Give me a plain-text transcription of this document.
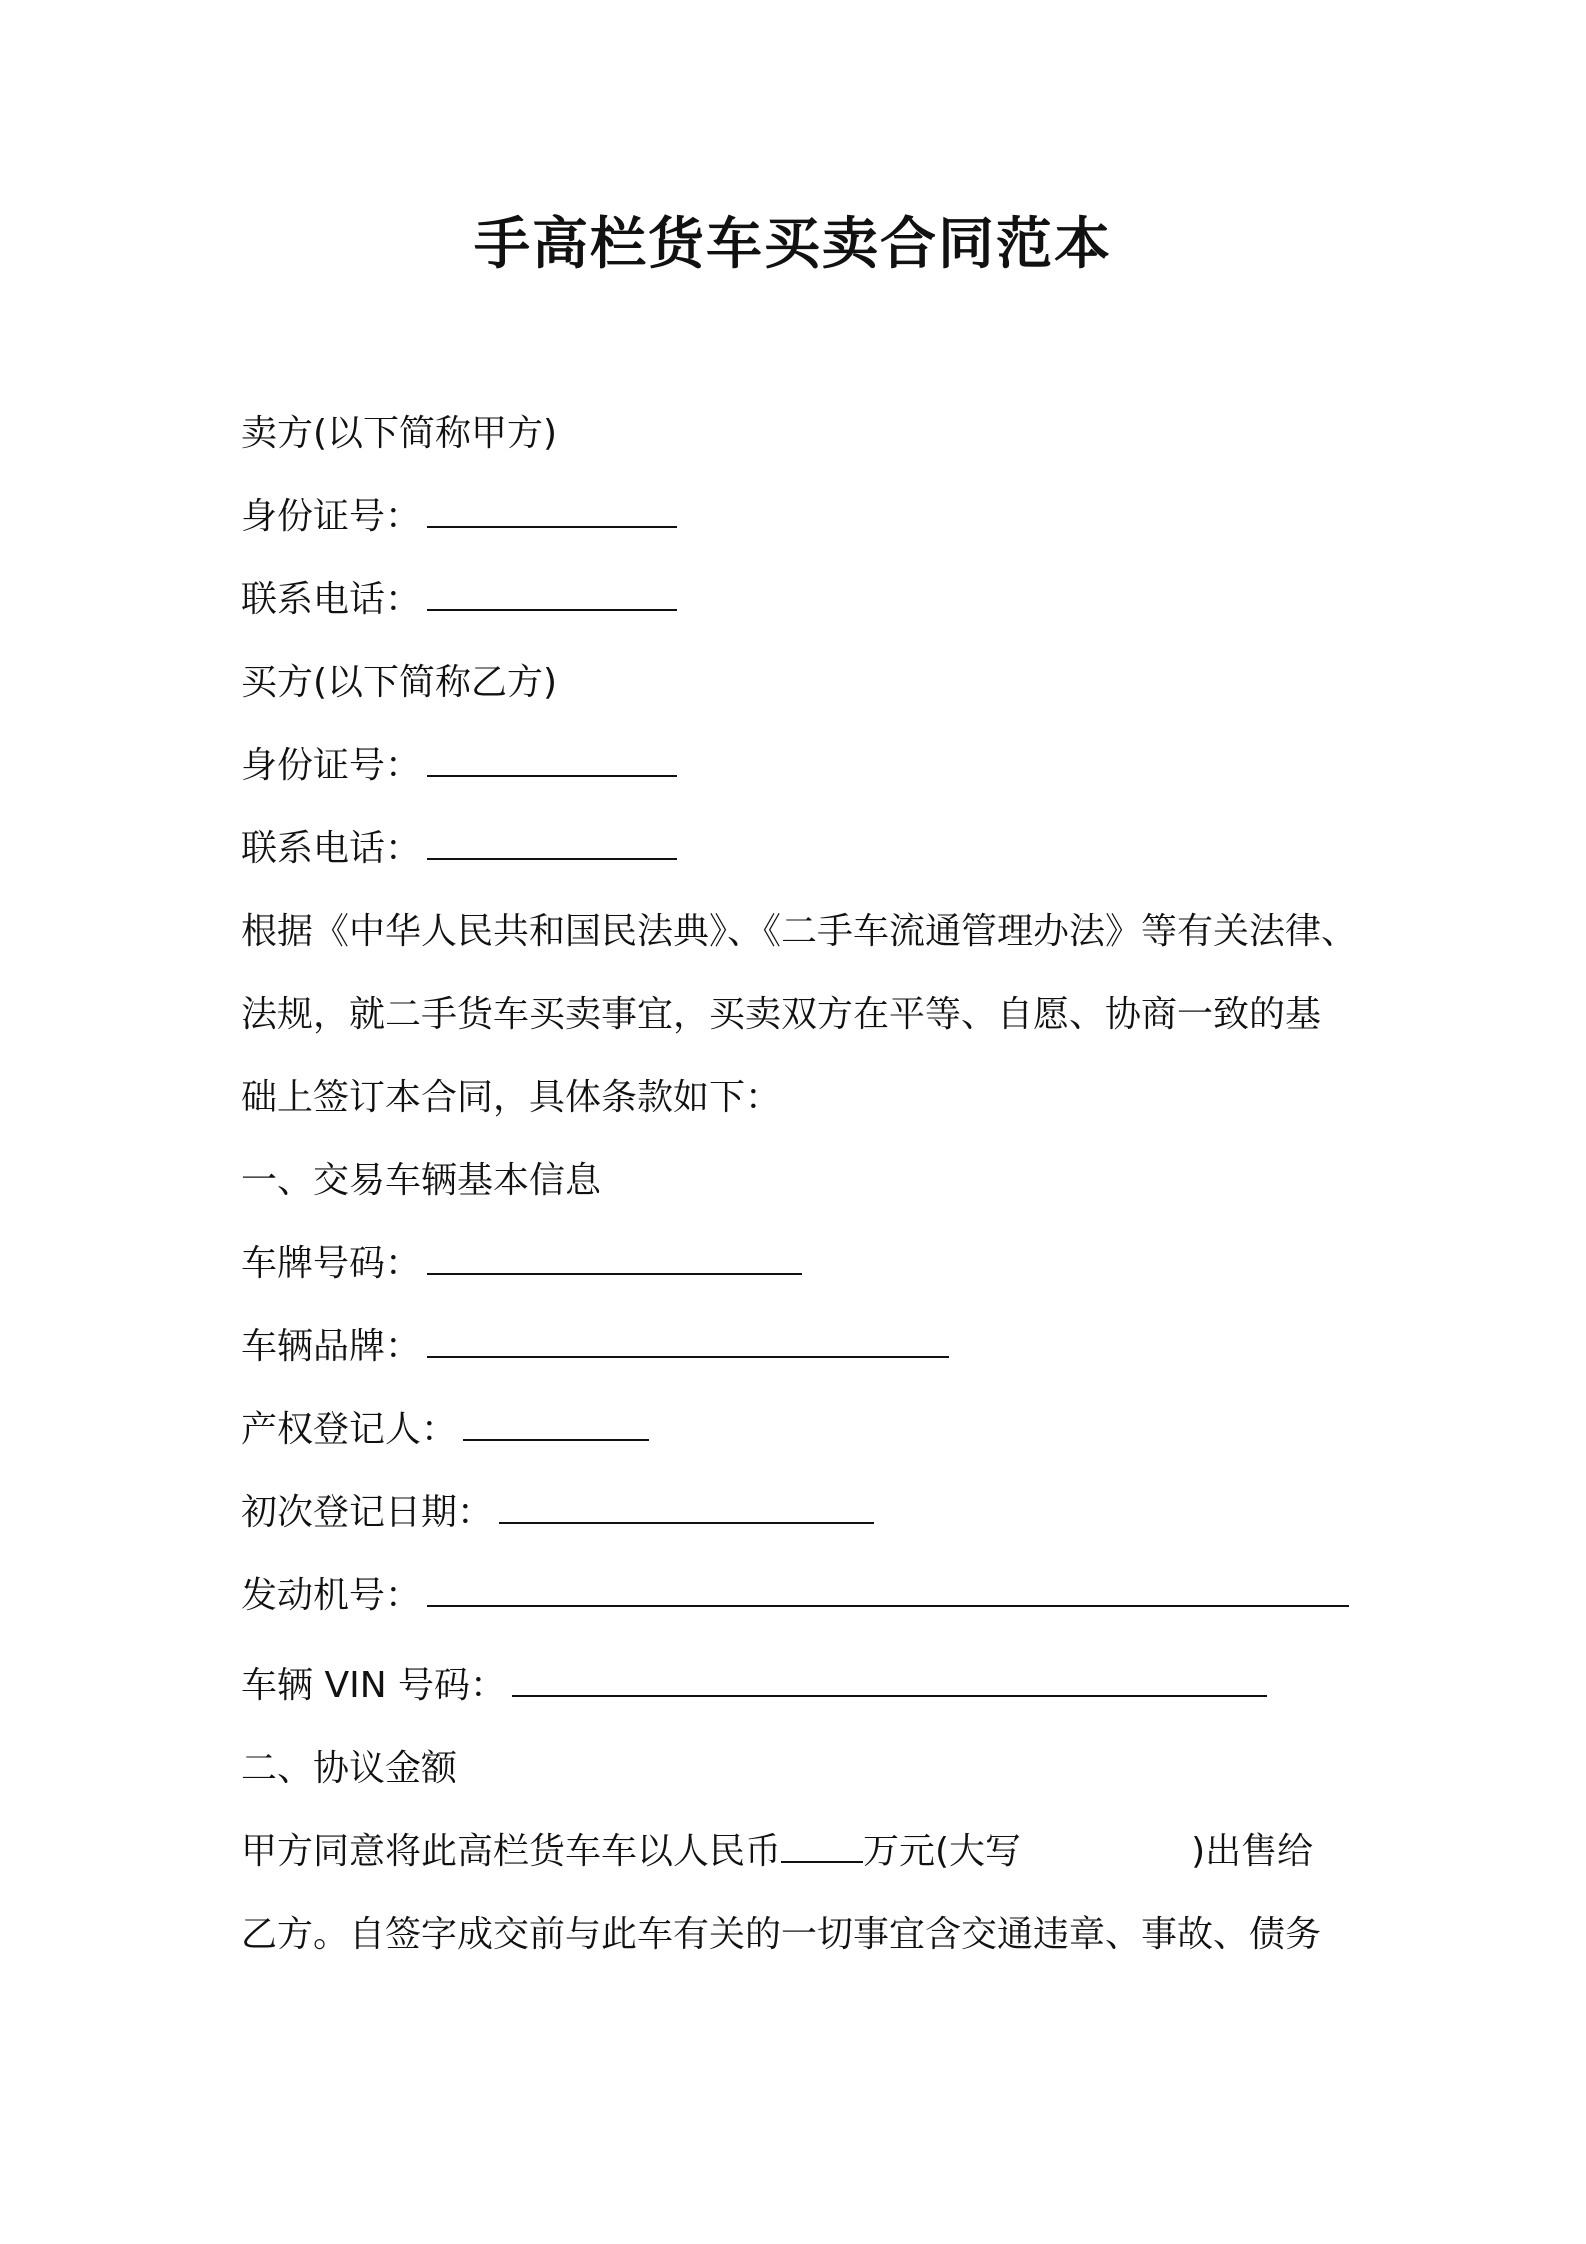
手高栏货车买卖合同范本
卖方(以下简称甲方)
身份证号：
联系电话：
买方(以下简称乙方)
身份证号：
联系电话：
根据《中华人民共和国民法典》、《二手车流通管理办法》等有关法律、
法规，就二手货车买卖事宜，买卖双方在平等、自愿、协商一致的基
础上签订本合同，具体条款如下：
一、交易车辆基本信息
车牌号码：
车辆品牌：
产权登记人：
初次登记日期：
发动机号：
车辆 VIN 号码：
二、协议金额
甲方同意将此高栏货车车以人民币 万元(大写	)出售给
乙方。自签字成交前与此车有关的一切事宜含交通违章、事故、债务
